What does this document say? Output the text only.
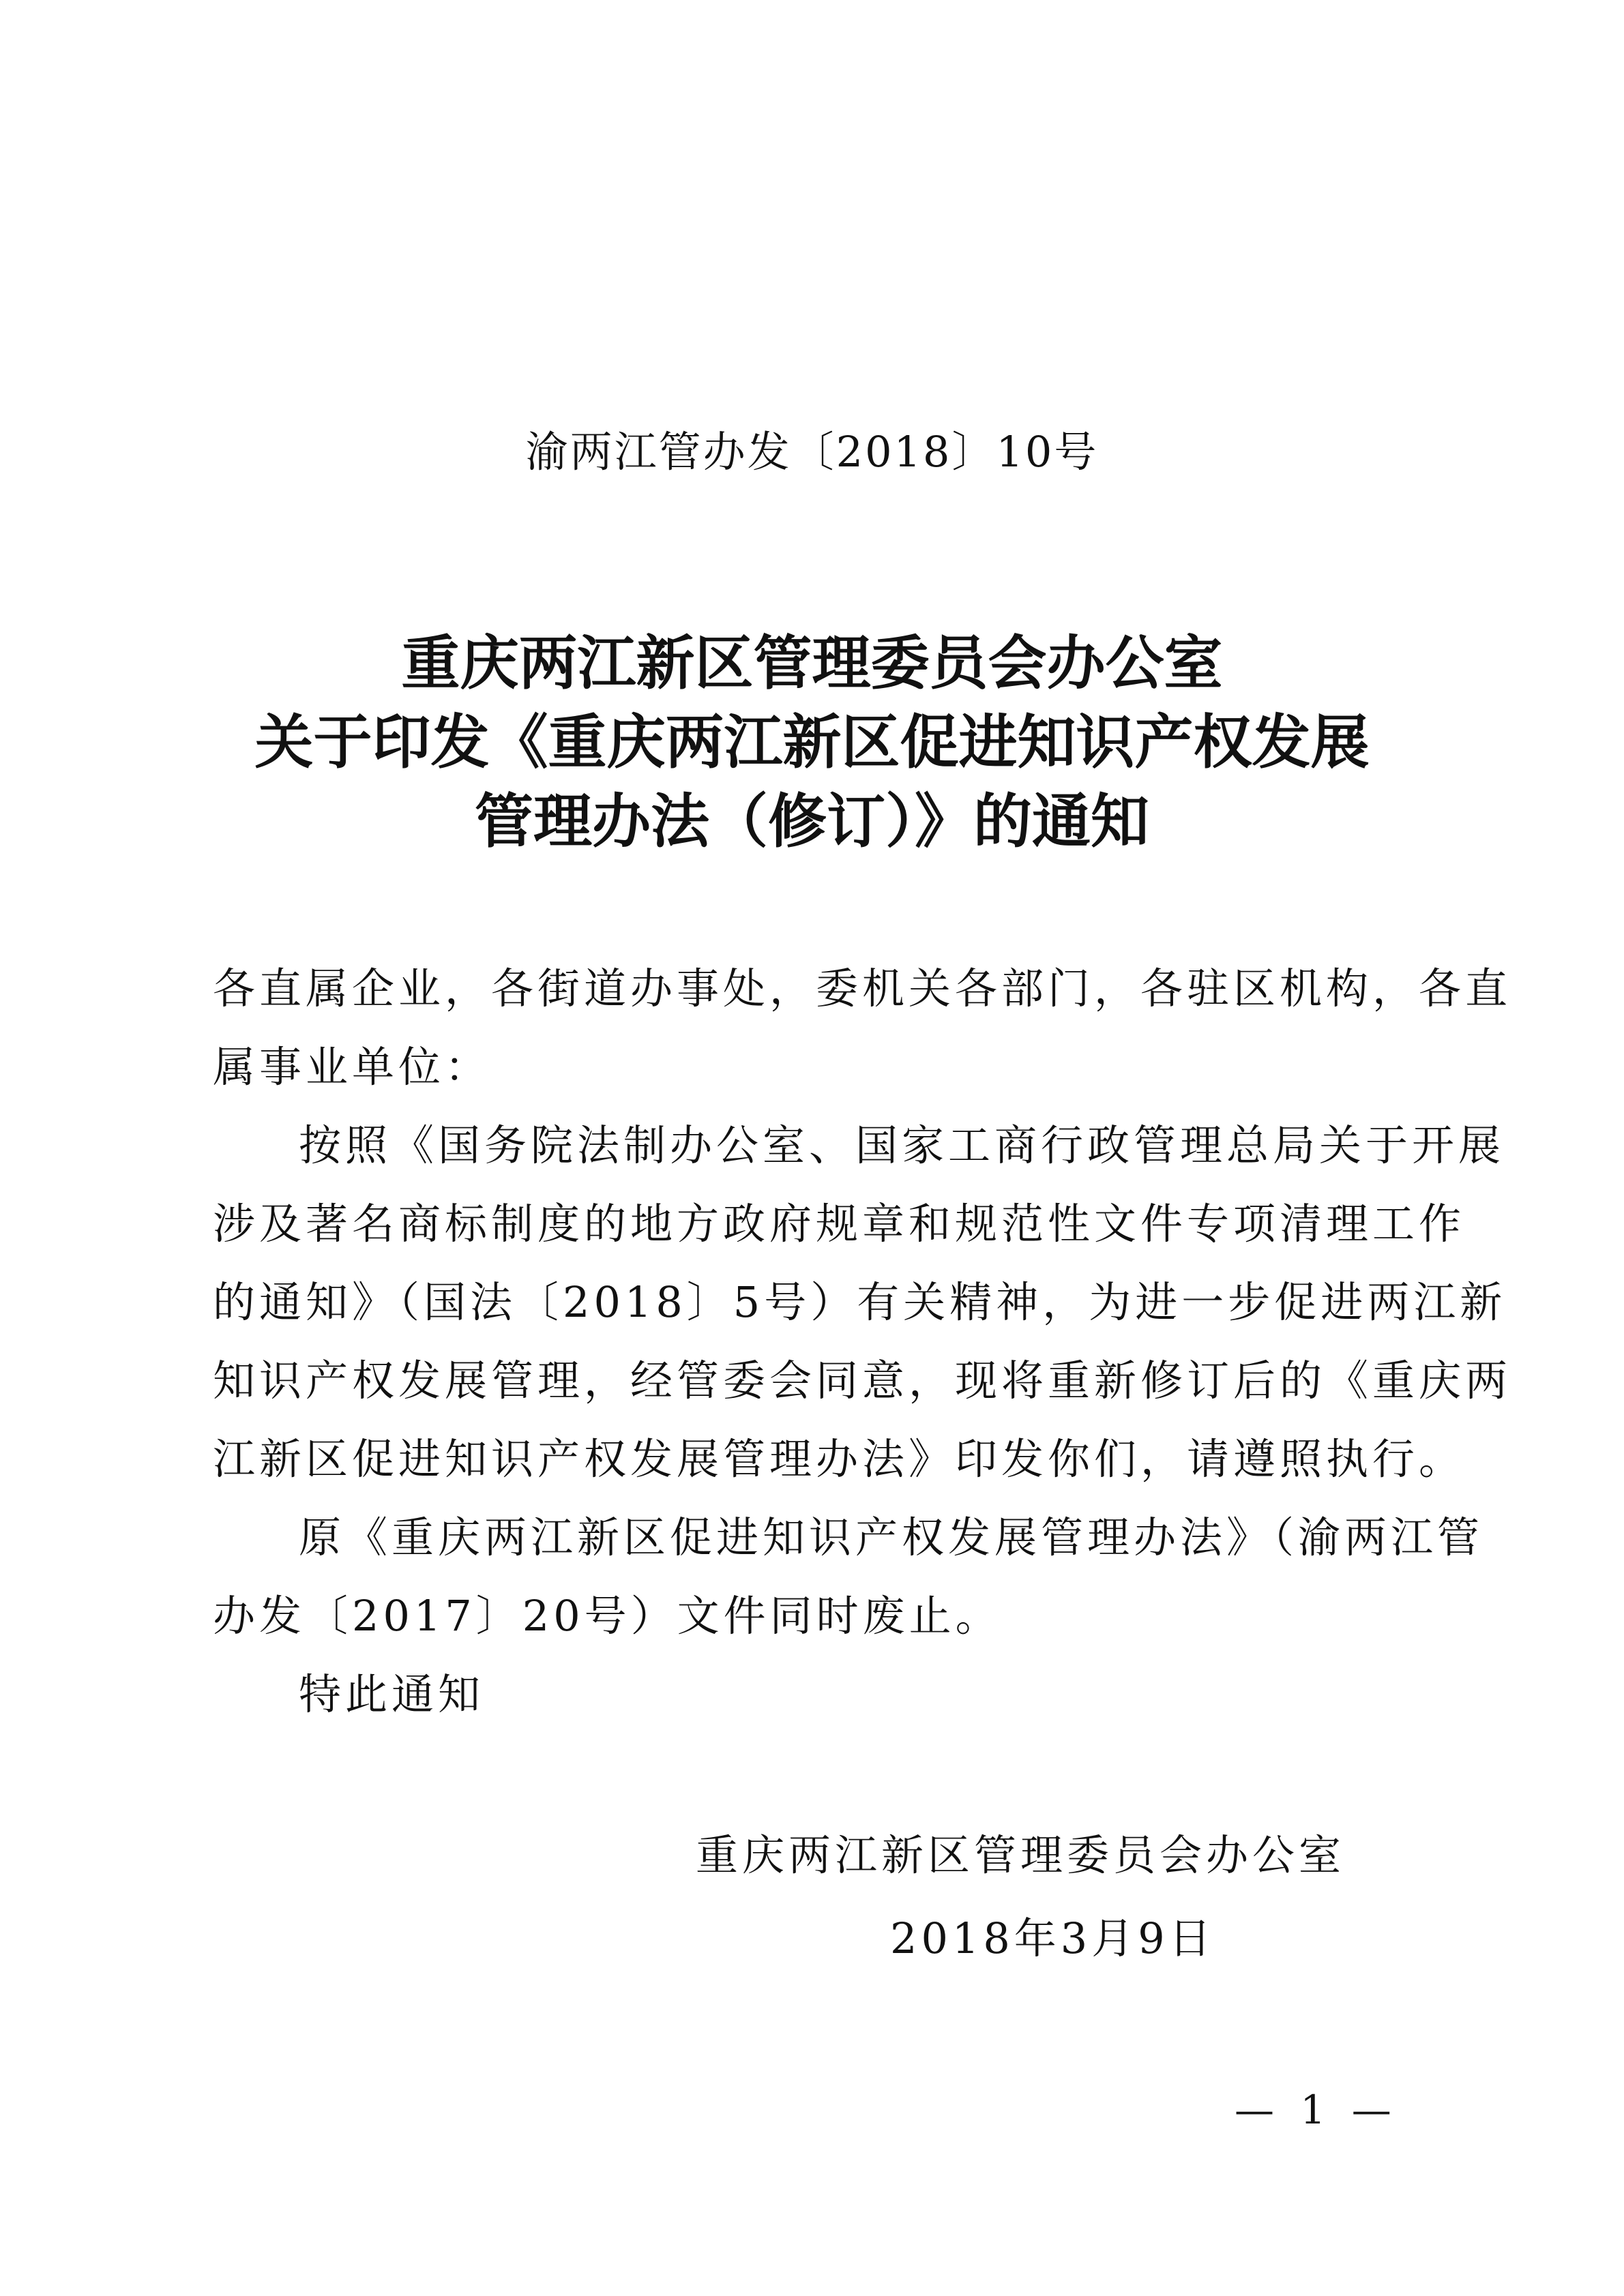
渝两江管办发〔2018〕10号
重庆两江新区管理委员会办公室
关于印发《重庆两江新区促进知识产权发展
管理办法（修订）》的通知
各直属企业，各街道办事处，委机关各部门，各驻区机构，各直
属事业单位：
按照《国务院法制办公室、国家工商行政管理总局关于开展
涉及著名商标制度的地方政府规章和规范性文件专项清理工作
的通知》（国法〔2018〕5号）有关精神，为进一步促进两江新
知识产权发展管理，经管委会同意，现将重新修订后的《重庆两
江新区促进知识产权发展管理办法》印发你们，请遵照执行。
原《重庆两江新区促进知识产权发展管理办法》（渝两江管
办发〔2017〕20号）文件同时废止。
特此通知
重庆两江新区管理委员会办公室
2018年3月9日
— 1 —
